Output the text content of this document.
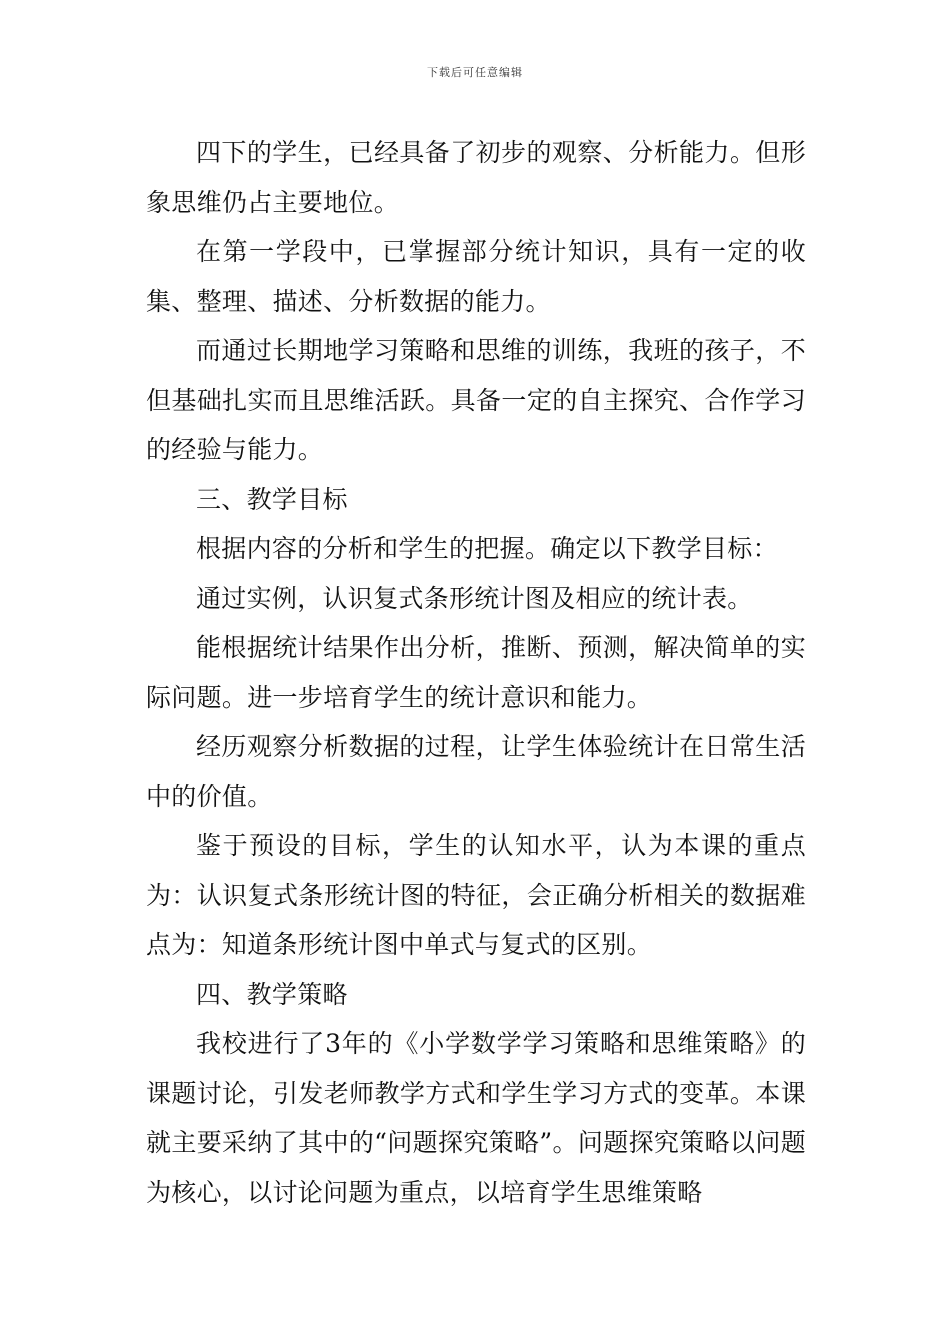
下载后可任意编辑

四下的学生，已经具备了初步的观察、分析能力。但形象思维仍占主要地位。

在第一学段中，已掌握部分统计知识，具有一定的收集、整理、描述、分析数据的能力。

而通过长期地学习策略和思维的训练，我班的孩子，不但基础扎实而且思维活跃。具备一定的自主探究、合作学习的经验与能力。

三、教学目标

根据内容的分析和学生的把握。确定以下教学目标：

通过实例，认识复式条形统计图及相应的统计表。

能根据统计结果作出分析，推断、预测，解决简单的实际问题。进一步培育学生的统计意识和能力。

经历观察分析数据的过程，让学生体验统计在日常生活中的价值。

鉴于预设的目标，学生的认知水平，认为本课的重点为：认识复式条形统计图的特征，会正确分析相关的数据难点为：知道条形统计图中单式与复式的区别。

四、教学策略

我校进行了3年的《小学数学学习策略和思维策略》的课题讨论，引发老师教学方式和学生学习方式的变革。本课就主要采纳了其中的“问题探究策略”。问题探究策略以问题为核心，以讨论问题为重点，以培育学生思维策略
